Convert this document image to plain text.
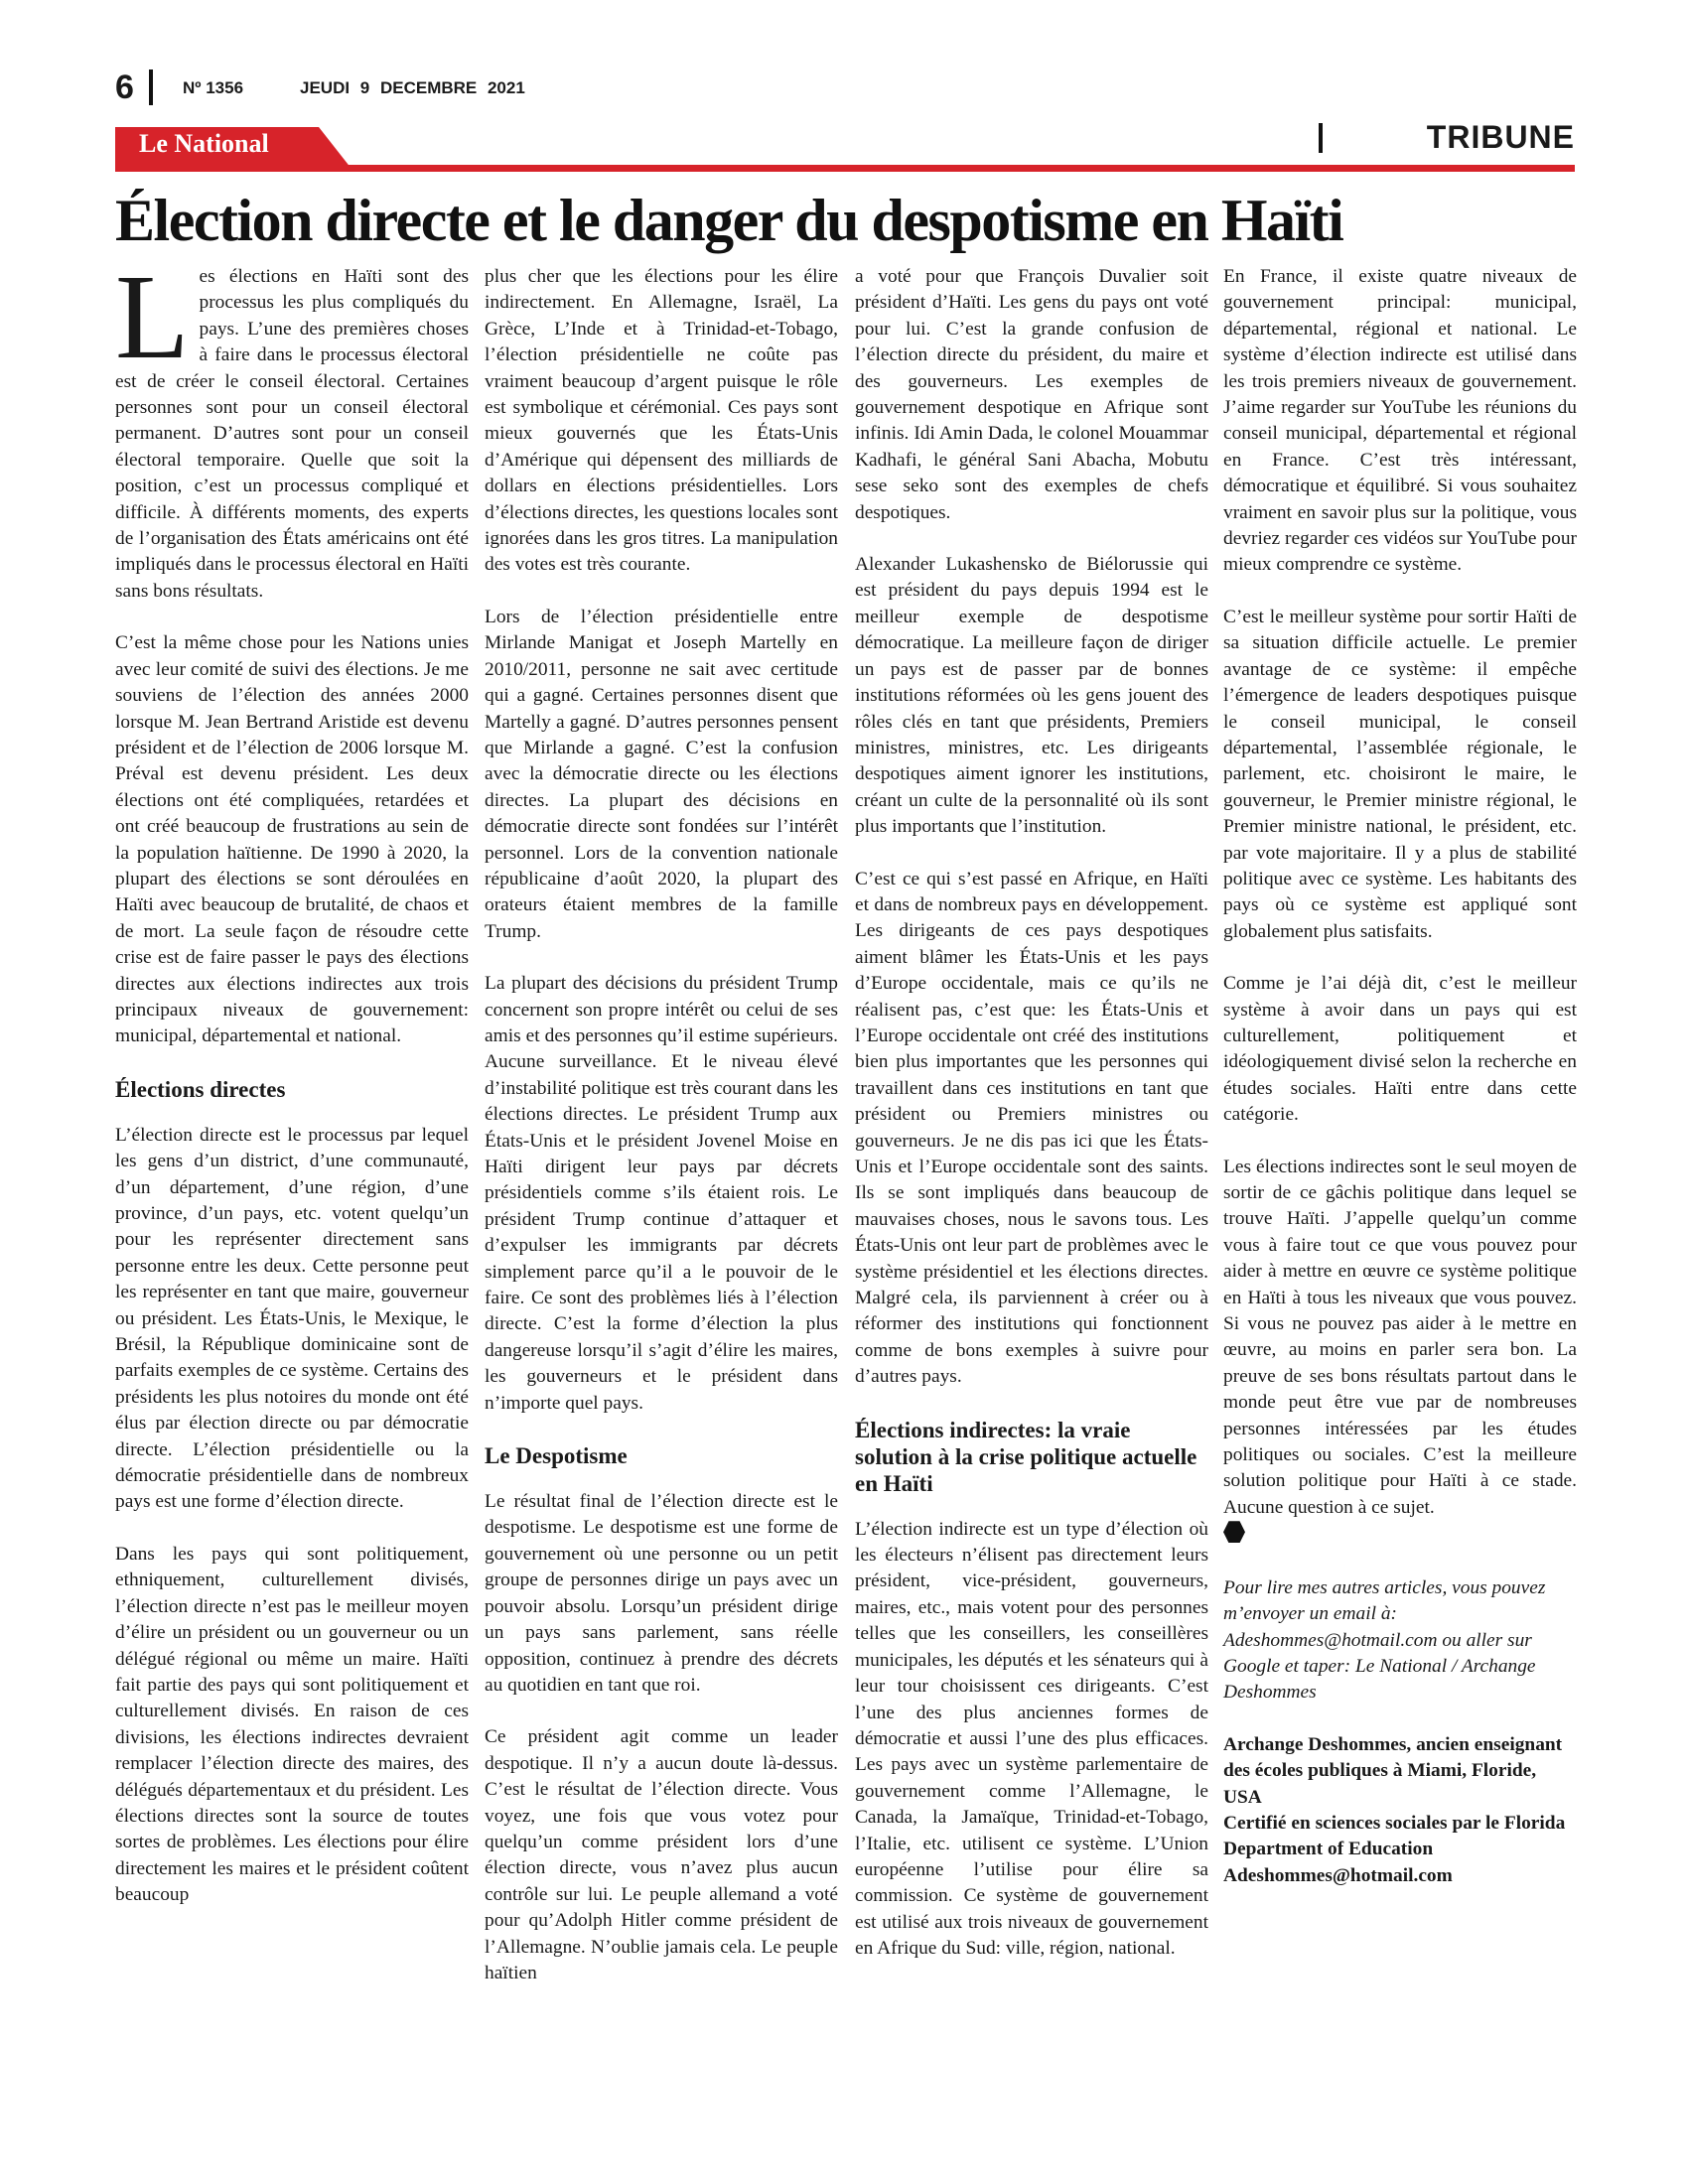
6	Nº 1356	JEUDI 9 DECEMBRE 2021
Le National	TRIBUNE
Élection directe et le danger du despotisme en Haïti

Les élections en Haïti sont des processus les plus compliqués du pays. L’une des premières choses à faire dans le processus électoral est de créer le conseil électoral. Certaines personnes sont pour un conseil électoral permanent. D’autres sont pour un conseil électoral temporaire. Quelle que soit la position, c’est un processus compliqué et difficile. À différents moments, des experts de l’organisation des États américains ont été impliqués dans le processus électoral en Haïti sans bons résultats.

C’est la même chose pour les Nations unies avec leur comité de suivi des élections. Je me souviens de l’élection des années 2000 lorsque M. Jean Bertrand Aristide est devenu président et de l’élection de 2006 lorsque M. Préval est devenu président. Les deux élections ont été compliquées, retardées et ont créé beaucoup de frustrations au sein de la population haïtienne. De 1990 à 2020, la plupart des élections se sont déroulées en Haïti avec beaucoup de brutalité, de chaos et de mort. La seule façon de résoudre cette crise est de faire passer le pays des élections directes aux élections indirectes aux trois principaux niveaux de gouvernement: municipal, départemental et national.

Élections directes

L’élection directe est le processus par lequel les gens d’un district, d’une communauté, d’un département, d’une région, d’une province, d’un pays, etc. votent quelqu’un pour les représenter directement sans personne entre les deux. Cette personne peut les représenter en tant que maire, gouverneur ou président. Les États-Unis, le Mexique, le Brésil, la République dominicaine sont de parfaits exemples de ce système. Certains des présidents les plus notoires du monde ont été élus par élection directe ou par démocratie directe. L’élection présidentielle ou la démocratie présidentielle dans de nombreux pays est une forme d’élection directe.

Dans les pays qui sont politiquement, ethniquement, culturellement divisés, l’élection directe n’est pas le meilleur moyen d’élire un président ou un gouverneur ou un délégué régional ou même un maire. Haïti fait partie des pays qui sont politiquement et culturellement divisés. En raison de ces divisions, les élections indirectes devraient remplacer l’élection directe des maires, des délégués départementaux et du président. Les élections directes sont la source de toutes sortes de problèmes. Les élections pour élire directement les maires et le président coûtent beaucoup

plus cher que les élections pour les élire indirectement. En Allemagne, Israël, La Grèce, L’Inde et à Trinidad-et-Tobago, l’élection présidentielle ne coûte pas vraiment beaucoup d’argent puisque le rôle est symbolique et cérémonial. Ces pays sont mieux gouvernés que les États-Unis d’Amérique qui dépensent des milliards de dollars en élections présidentielles. Lors d’élections directes, les questions locales sont ignorées dans les gros titres. La manipulation des votes est très courante.

Lors de l’élection présidentielle entre Mirlande Manigat et Joseph Martelly en 2010/2011, personne ne sait avec certitude qui a gagné. Certaines personnes disent que Martelly a gagné. D’autres personnes pensent que Mirlande a gagné. C’est la confusion avec la démocratie directe ou les élections directes. La plupart des décisions en démocratie directe sont fondées sur l’intérêt personnel. Lors de la convention nationale républicaine d’août 2020, la plupart des orateurs étaient membres de la famille Trump.

La plupart des décisions du président Trump concernent son propre intérêt ou celui de ses amis et des personnes qu’il estime supérieurs. Aucune surveillance. Et le niveau élevé d’instabilité politique est très courant dans les élections directes. Le président Trump aux États-Unis et le président Jovenel Moise en Haïti dirigent leur pays par décrets présidentiels comme s’ils étaient rois. Le président Trump continue d’attaquer et d’expulser les immigrants par décrets simplement parce qu’il a le pouvoir de le faire. Ce sont des problèmes liés à l’élection directe. C’est la forme d’élection la plus dangereuse lorsqu’il s’agit d’élire les maires, les gouverneurs et le président dans n’importe quel pays.

Le Despotisme

Le résultat final de l’élection directe est le despotisme. Le despotisme est une forme de gouvernement où une personne ou un petit groupe de personnes dirige un pays avec un pouvoir absolu. Lorsqu’un président dirige un pays sans parlement, sans réelle opposition, continuez à prendre des décrets au quotidien en tant que roi.

Ce président agit comme un leader despotique. Il n’y a aucun doute là-dessus. C’est le résultat de l’élection directe. Vous voyez, une fois que vous votez pour quelqu’un comme président lors d’une élection directe, vous n’avez plus aucun contrôle sur lui. Le peuple allemand a voté pour qu’Adolph Hitler comme président de l’Allemagne. N’oublie jamais cela. Le peuple haïtien

a voté pour que François Duvalier soit président d’Haïti. Les gens du pays ont voté pour lui. C’est la grande confusion de l’élection directe du président, du maire et des gouverneurs. Les exemples de gouvernement despotique en Afrique sont infinis. Idi Amin Dada, le colonel Mouammar Kadhafi, le général Sani Abacha, Mobutu sese seko sont des exemples de chefs despotiques.

Alexander Lukashensko de Biélorussie qui est président du pays depuis 1994 est le meilleur exemple de despotisme démocratique. La meilleure façon de diriger un pays est de passer par de bonnes institutions réformées où les gens jouent des rôles clés en tant que présidents, Premiers ministres, ministres, etc. Les dirigeants despotiques aiment ignorer les institutions, créant un culte de la personnalité où ils sont plus importants que l’institution.

C’est ce qui s’est passé en Afrique, en Haïti et dans de nombreux pays en développement. Les dirigeants de ces pays despotiques aiment blâmer les États-Unis et les pays d’Europe occidentale, mais ce qu’ils ne réalisent pas, c’est que: les États-Unis et l’Europe occidentale ont créé des institutions bien plus importantes que les personnes qui travaillent dans ces institutions en tant que président ou Premiers ministres ou gouverneurs. Je ne dis pas ici que les États-Unis et l’Europe occidentale sont des saints. Ils se sont impliqués dans beaucoup de mauvaises choses, nous le savons tous. Les États-Unis ont leur part de problèmes avec le système présidentiel et les élections directes. Malgré cela, ils parviennent à créer ou à réformer des institutions qui fonctionnent comme de bons exemples à suivre pour d’autres pays.

Élections indirectes: la vraie solution à la crise politique actuelle en Haïti

L’élection indirecte est un type d’élection où les électeurs n’élisent pas directement leurs président, vice-président, gouverneurs, maires, etc., mais votent pour des personnes telles que les conseillers, les conseillères municipales, les députés et les sénateurs qui à leur tour choisissent ces dirigeants. C’est l’une des plus anciennes formes de démocratie et aussi l’une des plus efficaces. Les pays avec un système parlementaire de gouvernement comme l’Allemagne, le Canada, la Jamaïque, Trinidad-et-Tobago, l’Italie, etc. utilisent ce système. L’Union européenne l’utilise pour élire sa commission. Ce système de gouvernement est utilisé aux trois niveaux de gouvernement en Afrique du Sud: ville, région, national.

En France, il existe quatre niveaux de gouvernement principal: municipal, départemental, régional et national. Le système d’élection indirecte est utilisé dans les trois premiers niveaux de gouvernement. J’aime regarder sur YouTube les réunions du conseil municipal, départemental et régional en France. C’est très intéressant, démocratique et équilibré. Si vous souhaitez vraiment en savoir plus sur la politique, vous devriez regarder ces vidéos sur YouTube pour mieux comprendre ce système.

C’est le meilleur système pour sortir Haïti de sa situation difficile actuelle. Le premier avantage de ce système: il empêche l’émergence de leaders despotiques puisque le conseil municipal, le conseil départemental, l’assemblée régionale, le parlement, etc. choisiront le maire, le gouverneur, le Premier ministre régional, le Premier ministre national, le président, etc. par vote majoritaire. Il y a plus de stabilité politique avec ce système. Les habitants des pays où ce système est appliqué sont globalement plus satisfaits.

Comme je l’ai déjà dit, c’est le meilleur système à avoir dans un pays qui est culturellement, politiquement et idéologiquement divisé selon la recherche en études sociales. Haïti entre dans cette catégorie.

Les élections indirectes sont le seul moyen de sortir de ce gâchis politique dans lequel se trouve Haïti. J’appelle quelqu’un comme vous à faire tout ce que vous pouvez pour aider à mettre en œuvre ce système politique en Haïti à tous les niveaux que vous pouvez. Si vous ne pouvez pas aider à le mettre en œuvre, au moins en parler sera bon. La preuve de ses bons résultats partout dans le monde peut être vue par de nombreuses personnes intéressées par les études politiques ou sociales. C’est la meilleure solution politique pour Haïti à ce stade. Aucune question à ce sujet.

Pour lire mes autres articles, vous pouvez m’envoyer un email à: Adeshommes@hotmail.com ou aller sur Google et taper: Le National / Archange Deshommes

Archange Deshommes, ancien enseignant des écoles publiques à Miami, Floride, USA
Certifié en sciences sociales par le Florida Department of Education
Adeshommes@hotmail.com
